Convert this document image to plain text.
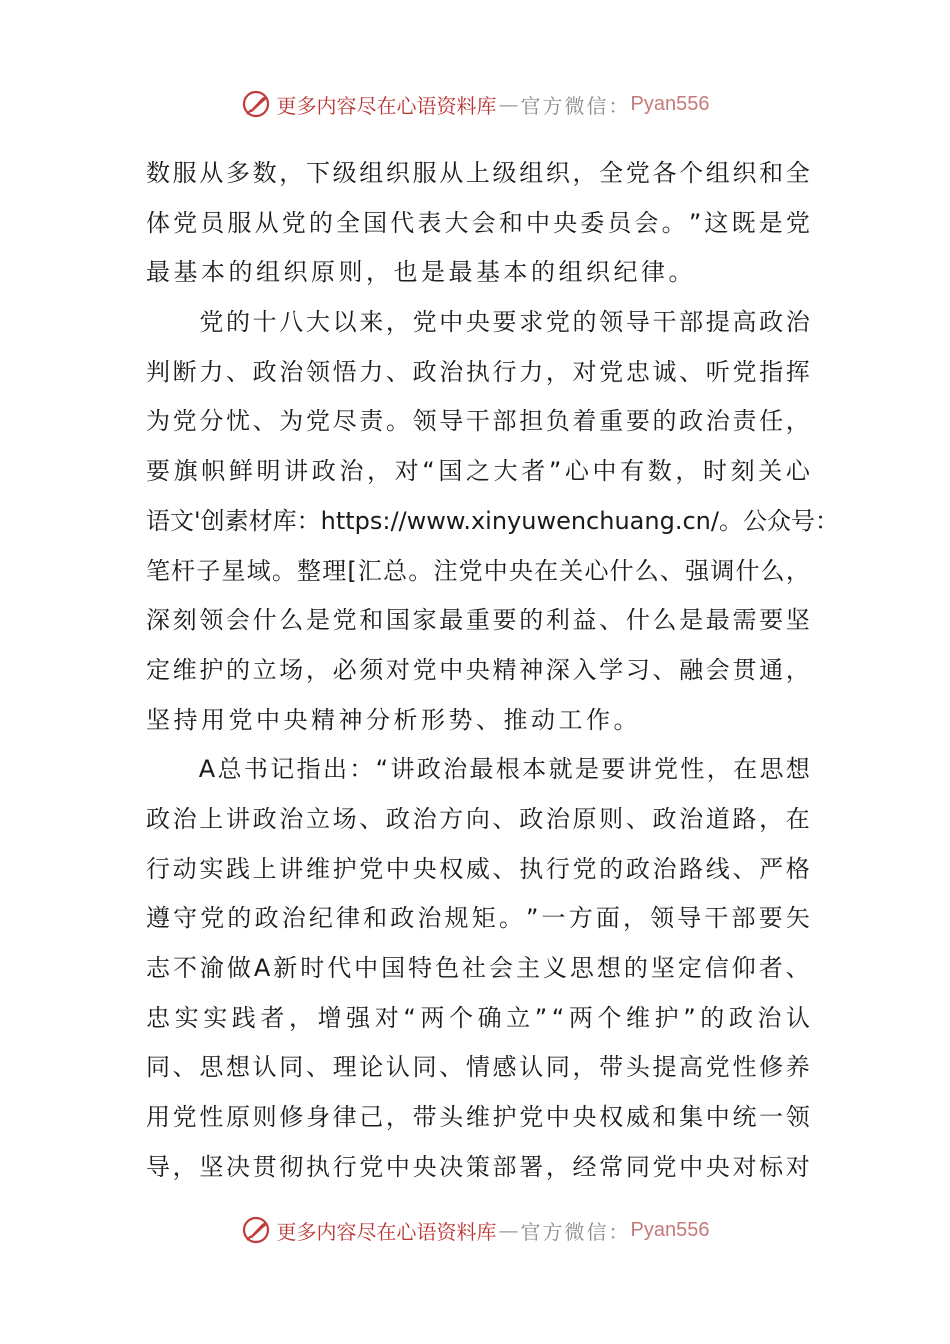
更多内容尽在心语资料库 — 官方微信： Pyan556
数 服 从 多 数 ， 下 级 组 织 服 从 上 级 组 织 ， 全 党 各 个 组 织 和 全
体 党 员 服 从 党 的 全 国 代 表 大 会 和 中 央 委 员 会 。 ” 这 既 是 党
最基本的组织原则，也是最基本的组织纪律。

党 的 十 八 大 以 来 ， 党 中 央 要 求 党 的 领 导 干 部 提 高 政 治
判 断 力 、 政 治 领 悟 力 、 政 治 执 行 力 ， 对 党 忠 诚 、 听 党 指 挥
为 党 分 忧 、 为 党 尽 责 。 领 导 干 部 担 负 着 重 要 的 政 治 责 任 ，
要 旗 帜 鲜 明 讲 政 治 ， 对 “ 国 之 大 者 ” 心 中 有 数 ， 时 刻 关 心
语 文 ' 创 素 材 库 ： https://www.xinyuwenchuang.cn/ 。 公 众 号 ：
笔 杆 子 星 域 。 整 理 [ 汇 总 。 注 党 中 央 在 关 心 什 么 、 强 调 什 么 ，
深 刻 领 会 什 么 是 党 和 国 家 最 重 要 的 利 益 、 什 么 是 最 需 要 坚
定 维 护 的 立 场 ， 必 须 对 党 中 央 精 神 深 入 学 习 、 融 会 贯 通 ，
坚持用党中央精神分析形势、推动工作。

A 总 书 记 指 出 ： “ 讲 政 治 最 根 本 就 是 要 讲 党 性 ， 在 思 想
政 治 上 讲 政 治 立 场 、 政 治 方 向 、 政 治 原 则 、 政 治 道 路 ， 在
行 动 实 践 上 讲 维 护 党 中 央 权 威 、 执 行 党 的 政 治 路 线 、 严 格
遵 守 党 的 政 治 纪 律 和 政 治 规 矩 。 ” 一 方 面 ， 领 导 干 部 要 矢
志 不 渝 做 A 新 时 代 中 国 特 色 社 会 主 义 思 想 的 坚 定 信 仰 者 、
忠 实 实 践 者 ， 增 强 对 “ 两 个 确 立 ” “ 两 个 维 护 ” 的 政 治 认
同 、 思 想 认 同 、 理 论 认 同 、 情 感 认 同 ， 带 头 提 高 党 性 修 养
用 党 性 原 则 修 身 律 己 ， 带 头 维 护 党 中 央 权 威 和 集 中 统 一 领
导 ， 坚 决 贯 彻 执 行 党 中 央 决 策 部 署 ， 经 常 同 党 中 央 对 标 对
更多内容尽在心语资料库 — 官方微信： Pyan556
